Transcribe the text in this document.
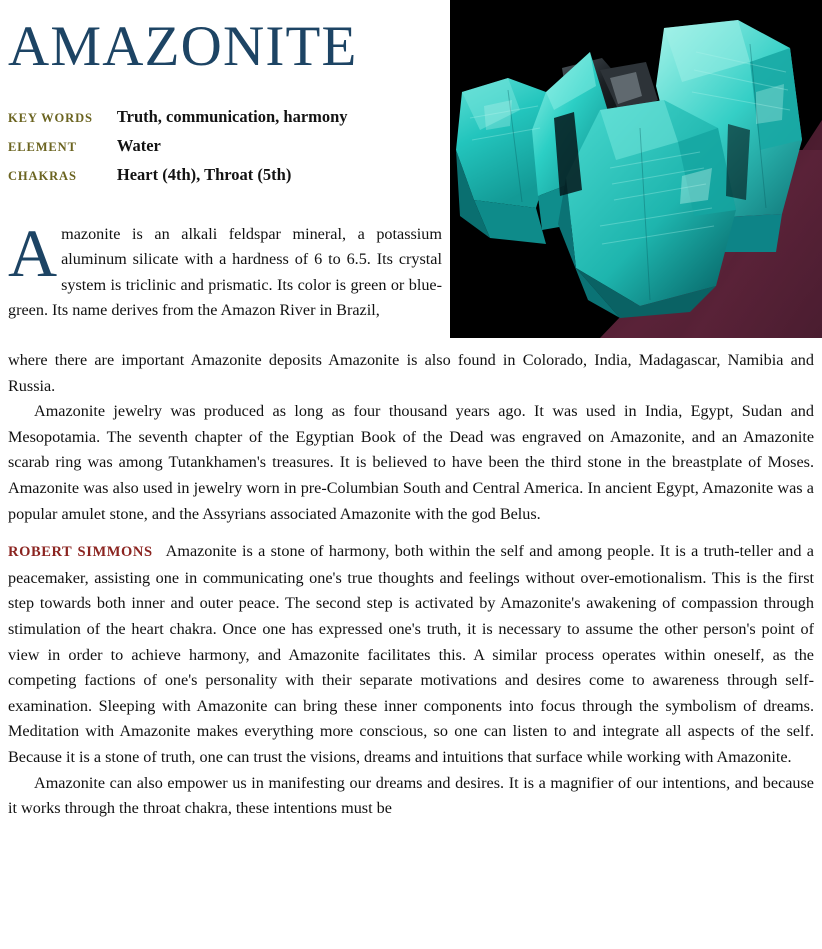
AMAZONITE
KEY WORDS	Truth, communication, harmony
ELEMENT	Water
CHAKRAS	Heart (4th), Throat (5th)

Amazonite is an alkali feldspar mineral, a potassium aluminum silicate with a hardness of 6 to 6.5. Its crystal system is triclinic and prismatic. Its color is green or blue-green. Its name derives from the Amazon River in Brazil,

where there are important Amazonite deposits Amazonite is also found in Colorado, India, Madagascar, Namibia and Russia.

Amazonite jewelry was produced as long as four thousand years ago. It was used in India, Egypt, Sudan and Mesopotamia. The seventh chapter of the Egyptian Book of the Dead was engraved on Amazonite, and an Amazonite scarab ring was among Tutankhamen's treasures. It is believed to have been the third stone in the breastplate of Moses. Amazonite was also used in jewelry worn in pre-Columbian South and Central America. In ancient Egypt, Amazonite was a popular amulet stone, and the Assyrians associated Amazonite with the god Belus.

ROBERT SIMMONS Amazonite is a stone of harmony, both within the self and among people. It is a truth-teller and a peacemaker, assisting one in communicating one's true thoughts and feelings without over-emotionalism. This is the first step towards both inner and outer peace. The second step is activated by Amazonite's awakening of compassion through stimulation of the heart chakra. Once one has expressed one's truth, it is necessary to assume the other person's point of view in order to achieve harmony, and Amazonite facilitates this. A similar process operates within oneself, as the competing factions of one's personality with their separate motivations and desires come to awareness through self-examination. Sleeping with Amazonite can bring these inner components into focus through the symbolism of dreams. Meditation with Amazonite makes everything more conscious, so one can listen to and integrate all aspects of the self. Because it is a stone of truth, one can trust the visions, dreams and intuitions that surface while working with Amazonite.

Amazonite can also empower us in manifesting our dreams and desires. It is a magnifier of our intentions, and because it works through the throat chakra, these intentions must be
